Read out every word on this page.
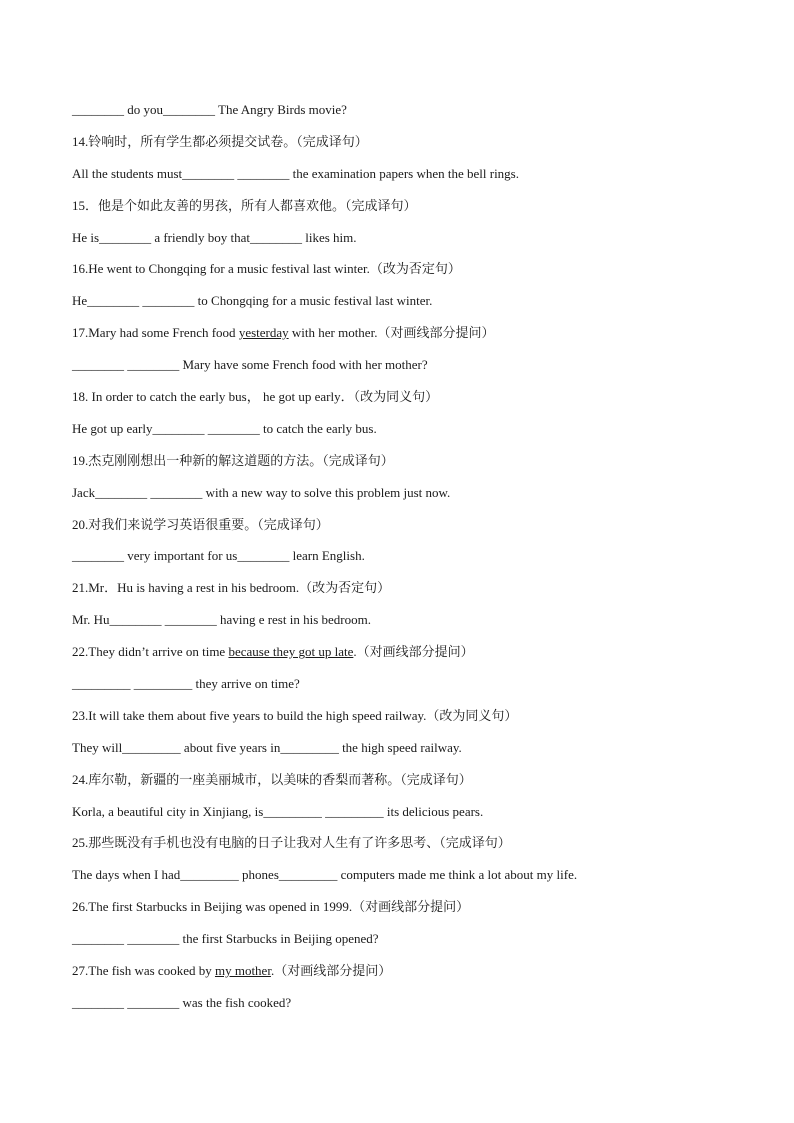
________ do you________ The Angry Birds movie?
14.铃响时，所有学生都必须提交试卷。（完成译句）
All the students must________ ________ the examination papers when the bell rings.
15．他是个如此友善的男孩，所有人都喜欢他。（完成译句）
He is________ a friendly boy that________ likes him.
16.He went to Chongqing for a music festival last winter.（改为否定句）
He________ ________ to Chongqing for a music festival last winter.
17.Mary had some French food yesterday with her mother.（对画线部分提问）
________ ________ Mary have some French food with her mother?
18. In order to catch the early bus， he got up early．（改为同义句）
He got up early________ ________ to catch the early bus.
19.杰克刚刚想出一种新的解这道题的方法。（完成译句）
Jack________ ________ with a new way to solve this problem just now.
20.对我们来说学习英语很重要。（完成译句）
________ very important for us________ learn English.
21.Mr．Hu is having a rest in his bedroom.（改为否定句）
Mr. Hu________ ________ having e rest in his bedroom.
22.They didn’t arrive on time because they got up late.（对画线部分提问）
_________ _________ they arrive on time?
23.It will take them about five years to build the high speed railway.（改为同义句）
They will_________ about five years in_________ the high speed railway.
24.库尔勒，新疆的一座美丽城市，以美味的香梨而著称。（完成译句）
Korla, a beautiful city in Xinjiang, is_________ _________ its delicious pears.
25.那些既没有手机也没有电脑的日子让我对人生有了许多思考、（完成译句）
The days when I had_________ phones_________ computers made me think a lot about my life.
26.The first Starbucks in Beijing was opened in 1999.（对画线部分提问）
________ ________ the first Starbucks in Beijing opened?
27.The fish was cooked by my mother.（对画线部分提问）
________ ________ was the fish cooked?
